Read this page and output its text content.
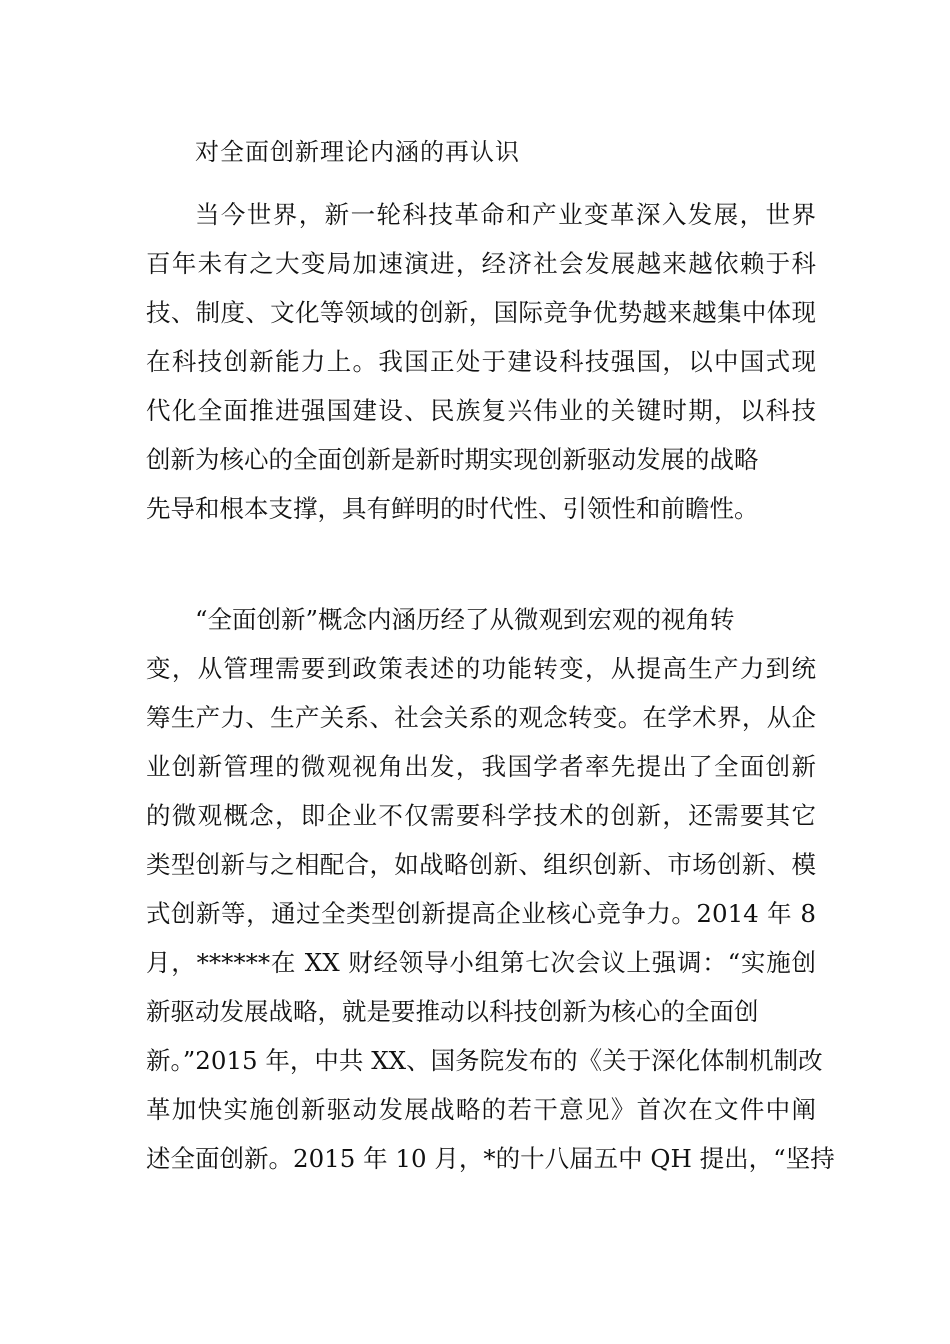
对全面创新理论内涵的再认识
当今世界，新一轮科技革命和产业变革深入发展，世界
百年未有之大变局加速演进，经济社会发展越来越依赖于科
技、制度、文化等领域的创新，国际竞争优势越来越集中体现
在科技创新能力上。我国正处于建设科技强国，以中国式现
代化全面推进强国建设、民族复兴伟业的关键时期，以科技
创新为核心的全面创新是新时期实现创新驱动发展的战略
先导和根本支撑，具有鲜明的时代性、引领性和前瞻性。
“全面创新”概念内涵历经了从微观到宏观的视角转
变，从管理需要到政策表述的功能转变，从提高生产力到统
筹生产力、生产关系、社会关系的观念转变。在学术界，从企
业创新管理的微观视角出发，我国学者率先提出了全面创新
的微观概念，即企业不仅需要科学技术的创新，还需要其它
类型创新与之相配合，如战略创新、组织创新、市场创新、模
式创新等，通过全类型创新提高企业核心竞争力。2014 年 8
月，******在 XX 财经领导小组第七次会议上强调：“实施创
新驱动发展战略，就是要推动以科技创新为核心的全面创
新。”2015 年，中共 XX、国务院发布的《关于深化体制机制改
革加快实施创新驱动发展战略的若干意见》首次在文件中阐
述全面创新。2015 年 10 月，*的十八届五中 QH 提出，“坚持
